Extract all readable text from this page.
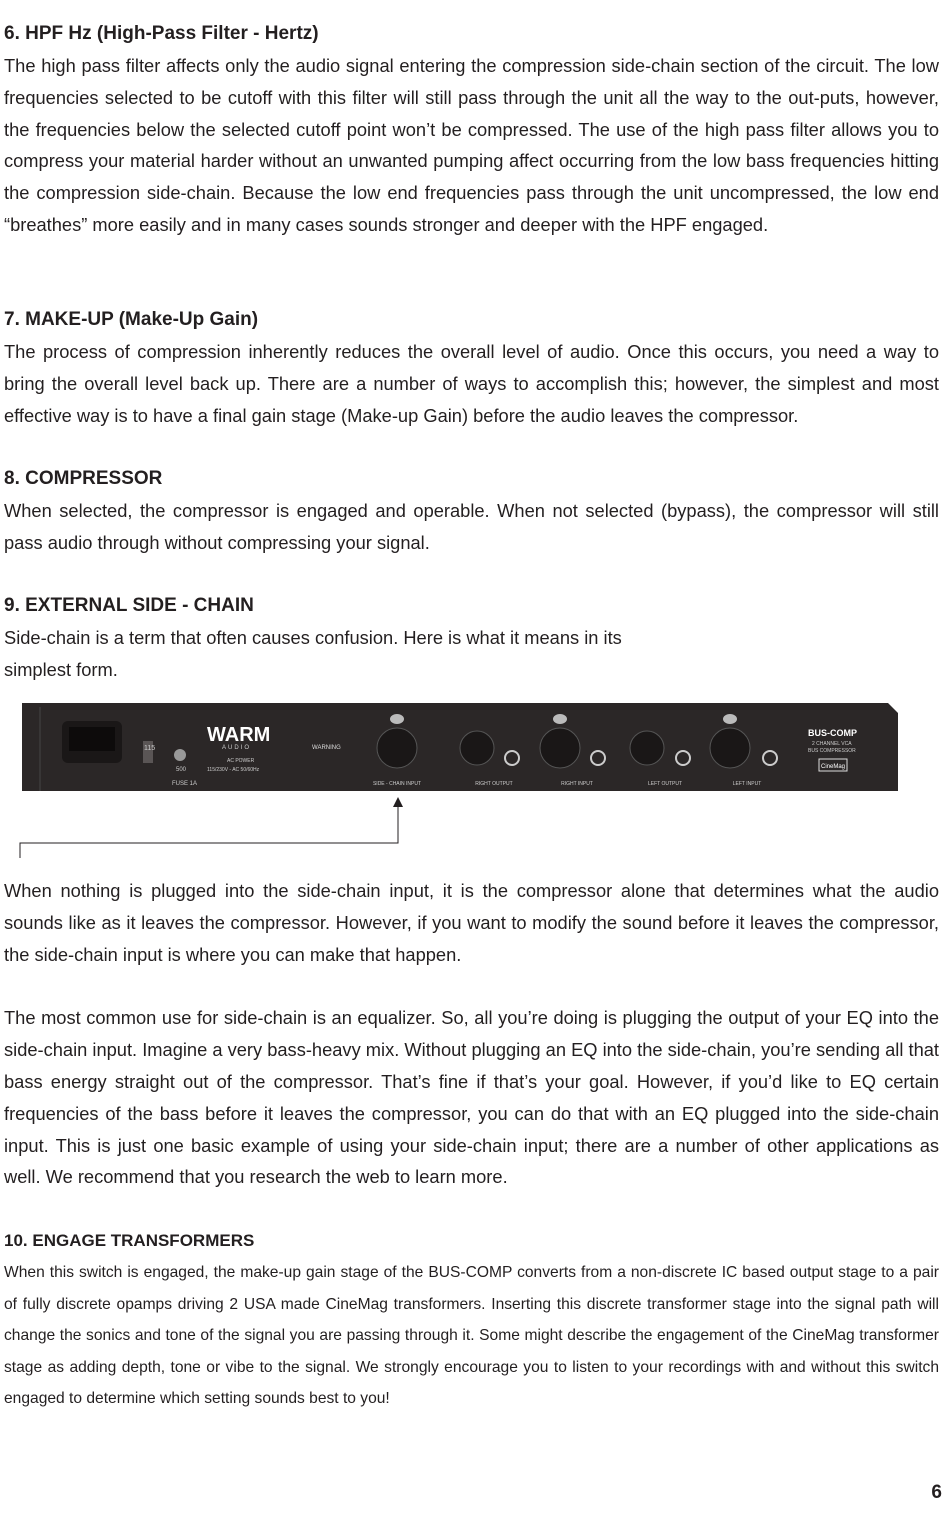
6. HPF Hz (High-Pass Filter - Hertz)

The high pass filter affects only the audio signal entering the compression side-chain section of the circuit. The low frequencies selected to be cutoff with this filter will still pass through the unit all the way to the out-puts, however, the frequencies below the selected cutoff point won’t be compressed. The use of the high pass filter allows you to compress your material harder without an unwanted pumping affect occurring from the low bass frequencies hitting the compression side-chain. Because the low end frequencies pass through the unit uncompressed, the low end “breathes” more easily and in many cases sounds stronger and deeper with the HPF engaged.

7. MAKE-UP (Make-Up Gain)

The process of compression inherently reduces the overall level of audio. Once this occurs, you need a way to bring the overall level back up. There are a number of ways to accomplish this; however, the simplest and most effective way is to have a final gain stage (Make-up Gain) before the audio leaves the compressor.

8. COMPRESSOR

When selected, the compressor is engaged and operable. When not selected (bypass), the compressor will still pass audio through without compressing your signal.

9. EXTERNAL SIDE - CHAIN

Side-chain is a term that often causes confusion. Here is what it means in its simplest form.

115
500
FUSE 1A
WARM
AUDIO
AC POWER
115/230V - AC 50/60Hz
WARNING
SIDE - CHAIN INPUT	RIGHT OUTPUT	RIGHT INPUT	LEFT OUTPUT	LEFT INPUT
BUS-COMP
2 CHANNEL VCA
BUS COMPRESSOR
CineMag

When nothing is plugged into the side-chain input, it is the compressor alone that determines what the audio sounds like as it leaves the compressor. However, if you want to modify the sound before it leaves the compressor, the side-chain input is where you can make that happen.

The most common use for side-chain is an equalizer. So, all you’re doing is plugging the output of your EQ into the side-chain input. Imagine a very bass-heavy mix. Without plugging an EQ into the side-chain, you’re sending all that bass energy straight out of the compressor. That’s fine if that’s your goal. However, if you’d like to EQ certain frequencies of the bass before it leaves the compressor, you can do that with an EQ plugged into the side-chain input. This is just one basic example of using your side-chain input; there are a number of other applications as well. We recommend that you research the web to learn more.

10. ENGAGE TRANSFORMERS

When this switch is engaged, the make-up gain stage of the BUS-COMP converts from a non-discrete IC based output stage to a pair of fully discrete opamps driving 2 USA made CineMag transformers. Inserting this discrete transformer stage into the signal path will change the sonics and tone of the signal you are passing through it. Some might describe the engagement of the CineMag transformer stage as adding depth, tone or vibe to the signal. We strongly encourage you to listen to your recordings with and without this switch engaged to determine which setting sounds best to you!

6
